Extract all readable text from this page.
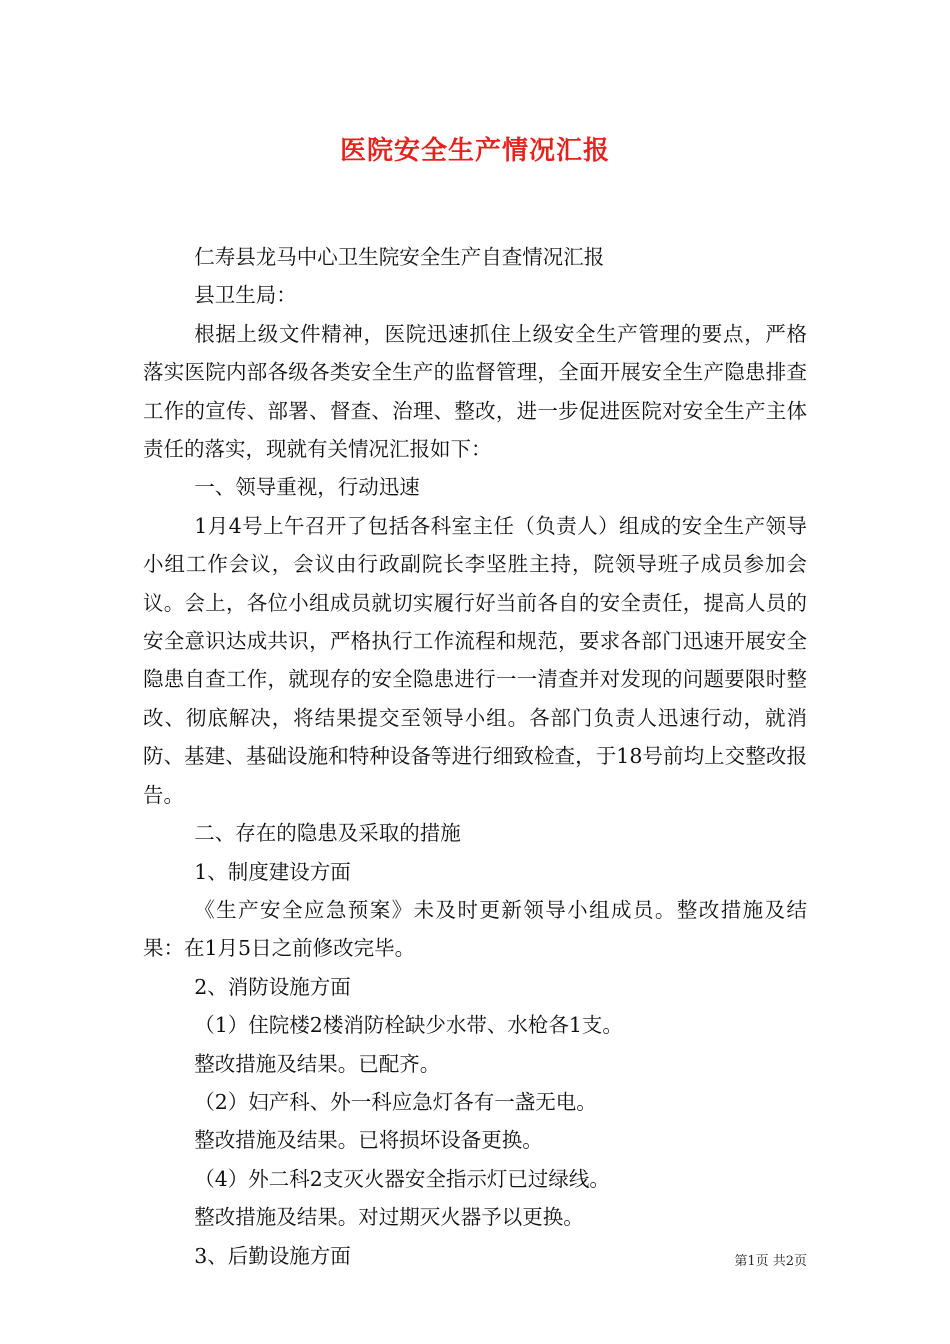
医院安全生产情况汇报

仁寿县龙马中心卫生院安全生产自查情况汇报

县卫生局：

根据上级文件精神，医院迅速抓住上级安全生产管理的要点，严格落实医院内部各级各类安全生产的监督管理，全面开展安全生产隐患排查工作的宣传、部署、督查、治理、整改，进一步促进医院对安全生产主体责任的落实，现就有关情况汇报如下：

一、领导重视，行动迅速

1月4号上午召开了包括各科室主任（负责人）组成的安全生产领导小组工作会议，会议由行政副院长李坚胜主持，院领导班子成员参加会议。会上，各位小组成员就切实履行好当前各自的安全责任，提高人员的安全意识达成共识，严格执行工作流程和规范，要求各部门迅速开展安全隐患自查工作，就现存的安全隐患进行一一清查并对发现的问题要限时整改、彻底解决，将结果提交至领导小组。各部门负责人迅速行动，就消防、基建、基础设施和特种设备等进行细致检查，于18号前均上交整改报告。

二、存在的隐患及采取的措施

1、制度建设方面

《生产安全应急预案》未及时更新领导小组成员。整改措施及结果：在1月5日之前修改完毕。

2、消防设施方面

（1）住院楼2楼消防栓缺少水带、水枪各1支。

整改措施及结果。已配齐。

（2）妇产科、外一科应急灯各有一盏无电。

整改措施及结果。已将损坏设备更换。

（4）外二科2支灭火器安全指示灯已过绿线。

整改措施及结果。对过期灭火器予以更换。

3、后勤设施方面	第1页 共2页
